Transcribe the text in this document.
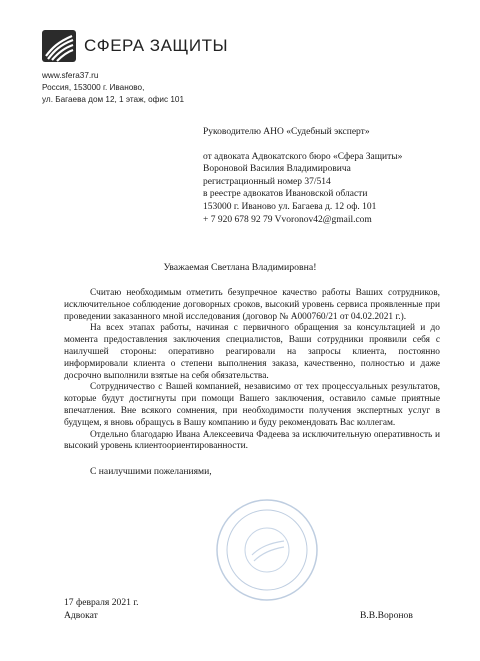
СФЕРА ЗАЩИТЫ
www.sfera37.ru
Россия, 153000 г. Иваново,
ул. Багаева дом 12, 1 этаж, офис 101
Руководителю АНО «Судебный эксперт»
от адвоката Адвокатского бюро «Сфера Защиты»
Вороновой Василия Владимировича
регистрационный номер 37/514
в реестре адвокатов Ивановской области
153000 г. Иваново ул. Багаева д. 12 оф. 101
+ 7 920 678 92 79 Vvoronov42@gmail.com
Уважаемая Светлана Владимировна!

Считаю необходимым отметить безупречное качество работы Ваших сотрудников, исключительное соблюдение договорных сроков, высокий уровень сервиса проявленные при проведении заказанного мной исследования (договор № А000760/21 от 04.02.2021 г.).

На всех этапах работы, начиная с первичного обращения за консультацией и до момента предоставления заключения специалистов, Ваши сотрудники проявили себя с наилучшей стороны: оперативно реагировали на запросы клиента, постоянно информировали клиента о степени выполнения заказа, качественно, полностью и даже досрочно выполнили взятые на себя обязательства.

Сотрудничество с Вашей компанией, независимо от тех процессуальных результатов, которые будут достигнуты при помощи Вашего заключения, оставило самые приятные впечатления. Вне всякого сомнения, при необходимости получения экспертных услуг в будущем, я вновь обращусь в Вашу компанию и буду рекомендовать Вас коллегам.

Отдельно благодарю Ивана Алексеевича Фадеева за исключительную оперативность и высокий уровень клиентоориентированности.

С наилучшими пожеланиями,
17 февраля 2021 г.
Адвокат	В.В.Воронов
